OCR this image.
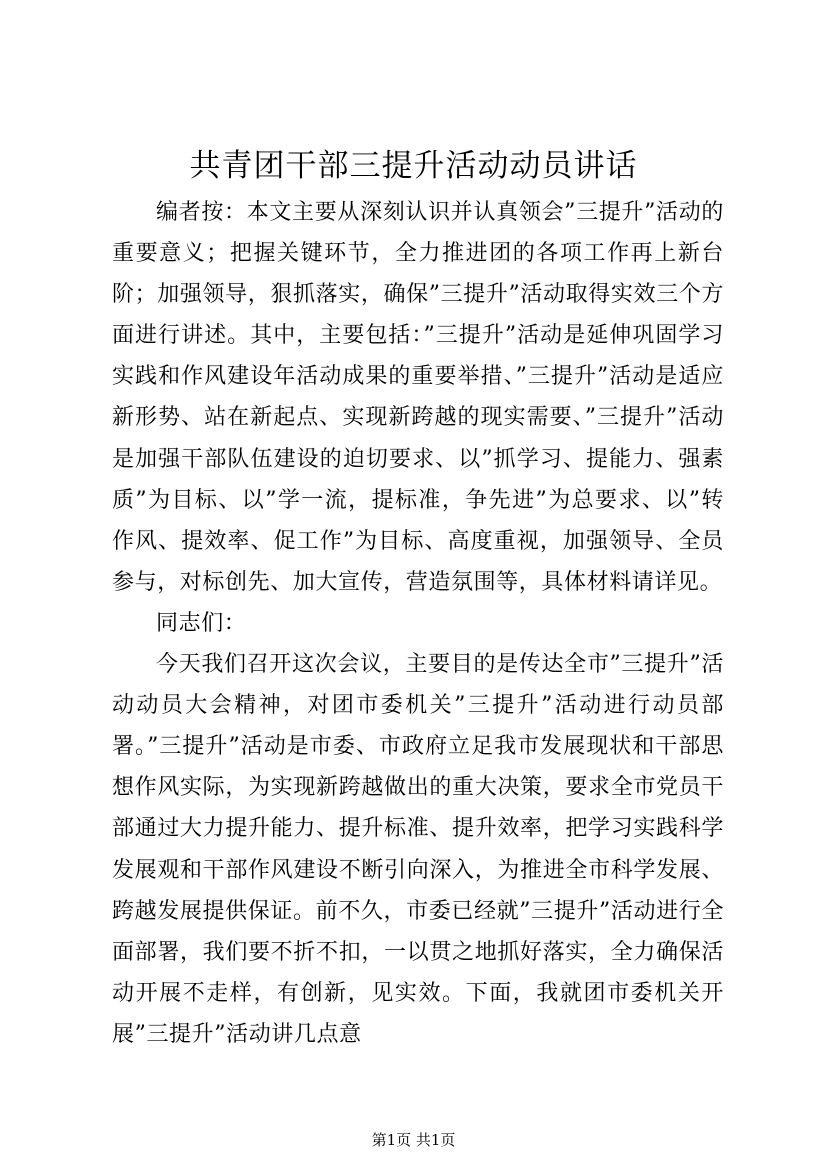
共青团干部三提升活动动员讲话

编者按：本文主要从深刻认识并认真领会”三提升”活动的重要意义；把握关键环节，全力推进团的各项工作再上新台阶；加强领导，狠抓落实，确保”三提升”活动取得实效三个方面进行讲述。其中，主要包括：”三提升”活动是延伸巩固学习实践和作风建设年活动成果的重要举措、”三提升”活动是适应新形势、站在新起点、实现新跨越的现实需要、”三提升”活动是加强干部队伍建设的迫切要求、以”抓学习、提能力、强素质”为目标、以”学一流，提标准，争先进”为总要求、以”转作风、提效率、促工作”为目标、高度重视，加强领导、全员参与，对标创先、加大宣传，营造氛围等，具体材料请详见。

同志们：

今天我们召开这次会议，主要目的是传达全市”三提升”活动动员大会精神，对团市委机关”三提升”活动进行动员部署。”三提升”活动是市委、市政府立足我市发展现状和干部思想作风实际，为实现新跨越做出的重大决策，要求全市党员干部通过大力提升能力、提升标准、提升效率，把学习实践科学发展观和干部作风建设不断引向深入，为推进全市科学发展、跨越发展提供保证。前不久，市委已经就”三提升”活动进行全面部署，我们要不折不扣，一以贯之地抓好落实，全力确保活动开展不走样，有创新，见实效。下面，我就团市委机关开展”三提升”活动讲几点意

第1页 共1页
